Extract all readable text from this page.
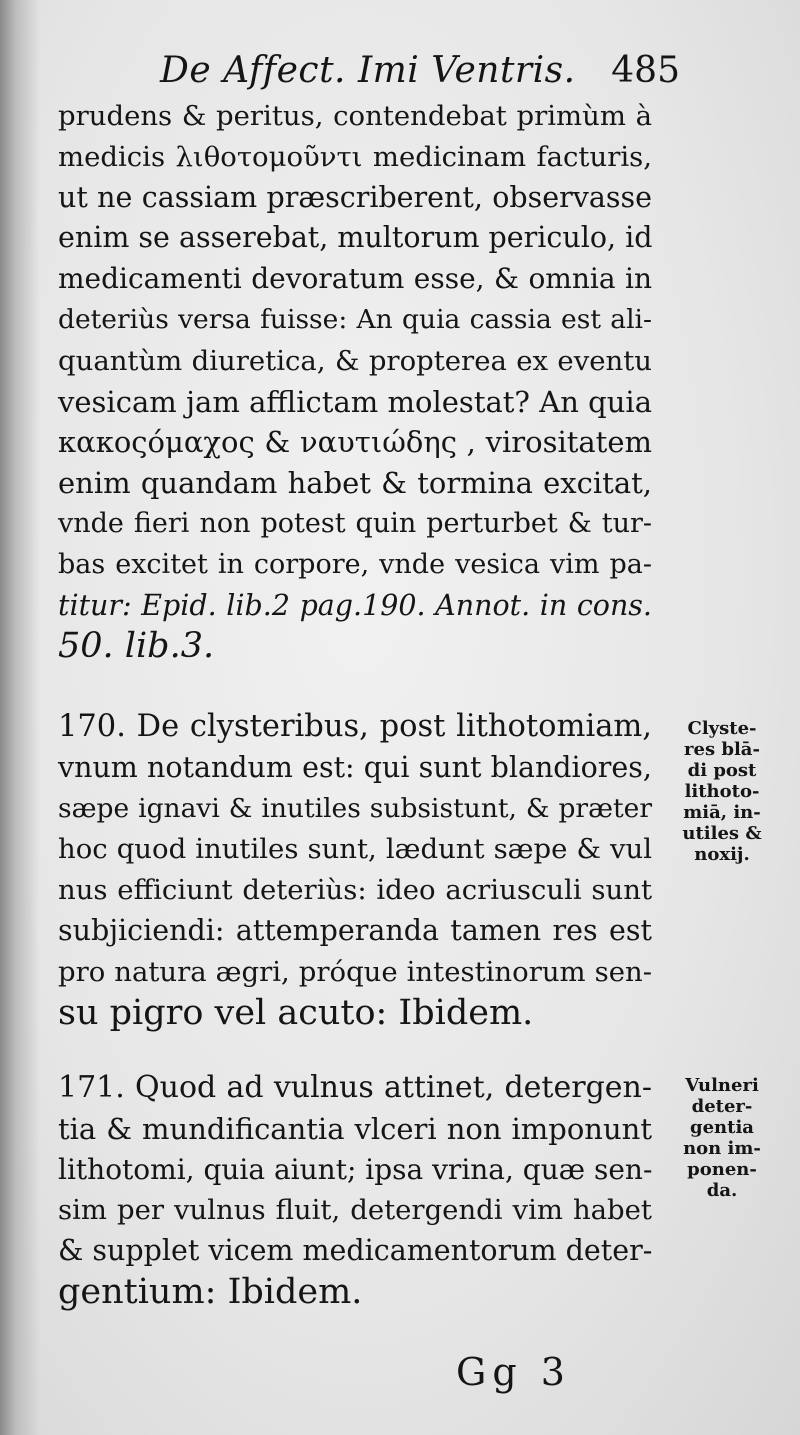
De Affect. Imi Ventris. 485
prudens & peritus, contendebat primùm à
medicis λιθοτομοῦντι medicinam facturis,
ut ne cassiam præscriberent, observasse
enim se asserebat, multorum periculo, id
medicamenti devoratum esse, & omnia in
deteriùs versa fuisse: An quia cassia est ali-
quantùm diuretica, & propterea ex eventu
vesicam jam afflictam molestat? An quia
κακοςόμαχος & ναυτιώδης , virositatem
enim quandam habet & tormina excitat,
vnde fieri non potest quin perturbet & tur-
bas excitet in corpore, vnde vesica vim pa-
titur: Epid. lib.2 pag.190. Annot. in cons.
50. lib.3.
170. De clysteribus, post lithotomiam,
vnum notandum est: qui sunt blandiores,
sæpe ignavi & inutiles subsistunt, & præter
hoc quod inutiles sunt, lædunt sæpe & vul
nus efficiunt deteriùs: ideo acriusculi sunt
subjiciendi: attemperanda tamen res est
pro natura ægri, próque intestinorum sen-
su pigro vel acuto: Ibidem.
Clyste-
res blā-
di post
lithoto-
miā, in-
utiles &
noxij.
171. Quod ad vulnus attinet, detergen-
tia & mundificantia vlceri non imponunt
lithotomi, quia aiunt; ipsa vrina, quæ sen-
sim per vulnus fluit, detergendi vim habet
& supplet vicem medicamentorum deter-
gentium: Ibidem.
Vulneri
deter-
gentia
non im-
ponen-
da.
Gg 3
